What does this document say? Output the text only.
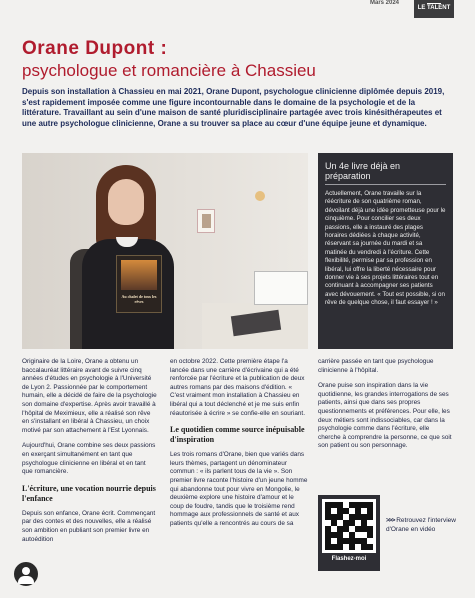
Mars 2024
LE TALENT
Orane Dupont :
psychologue et romancière à Chassieu

Depuis son installation à Chassieu en mai 2021, Orane Dupont, psychologue clinicienne diplômée depuis 2019, s'est rapidement imposée comme une figure incontournable dans le domaine de la psychologie et de la littérature. Travaillant au sein d'une maison de santé pluridisciplinaire partagée avec trois kinésithérapeutes et une autre psychologue clinicienne, Orane a su trouver sa place au cœur d'une équipe jeune et dynamique.

Au chalet de tous les rêves
Un 4e livre déjà en préparation

Actuellement, Orane travaille sur la réécriture de son quatrième roman, dévoilant déjà une idée prometteuse pour le cinquième. Pour concilier ses deux passions, elle a instauré des plages horaires dédiées à chaque activité, réservant sa journée du mardi et sa matinée du vendredi à l'écriture. Cette flexibilité, permise par sa profession en libéral, lui offre la liberté nécessaire pour donner vie à ses projets littéraires tout en continuant à accompagner ses patients avec dévouement. « Tout est possible, si on rêve de quelque chose, il faut essayer ! »

Originaire de la Loire, Orane a obtenu un baccalauréat littéraire avant de suivre cinq années d'études en psychologie à l'Université de Lyon 2. Passionnée par le comportement humain, elle a décidé de faire de la psychologie son domaine d'expertise. Après avoir travaillé à l'hôpital de Meximieux, elle a réalisé son rêve en s'installant en libéral à Chassieu, un choix motivé par son attachement à l'Est Lyonnais.

Aujourd'hui, Orane combine ses deux passions en exerçant simultanément en tant que psychologue clinicienne en libéral et en tant que romancière.

L'écriture, une vocation nourrie depuis l'enfance

Depuis son enfance, Orane écrit. Commençant par des contes et des nouvelles, elle a réalisé son ambition en publiant son premier livre en autoédition

en octobre 2022. Cette première étape l'a lancée dans une carrière d'écrivaine qui a été renforcée par l'écriture et la publication de deux autres romans par des maisons d'édition. « C'est vraiment mon installation à Chassieu en libéral qui a tout déclenché et je me suis enfin réautorisée à écrire » se confie-elle en souriant.

Le quotidien comme source inépuisable d'inspiration

Les trois romans d'Orane, bien que variés dans leurs thèmes, partagent un dénominateur commun : « ils parlent tous de la vie ». Son premier livre raconte l'histoire d'un jeune homme qui abandonne tout pour vivre en Mongolie, le deuxième explore une histoire d'amour et le coup de foudre, tandis que le troisième rend hommage aux professionnels de santé et aux patients qu'elle a rencontrés au cours de sa

carrière passée en tant que psychologue clinicienne à l'hôpital.

Orane puise son inspiration dans la vie quotidienne, les grandes interrogations de ses patients, ainsi que dans ses propres questionnements et préférences. Pour elle, les deux métiers sont indissociables, car dans la psychologie comme dans l'écriture, elle cherche à comprendre la personne, ce que soit son patient ou son personnage.

Flashez-moi
>>> Retrouvez l'interview d'Orane en vidéo
